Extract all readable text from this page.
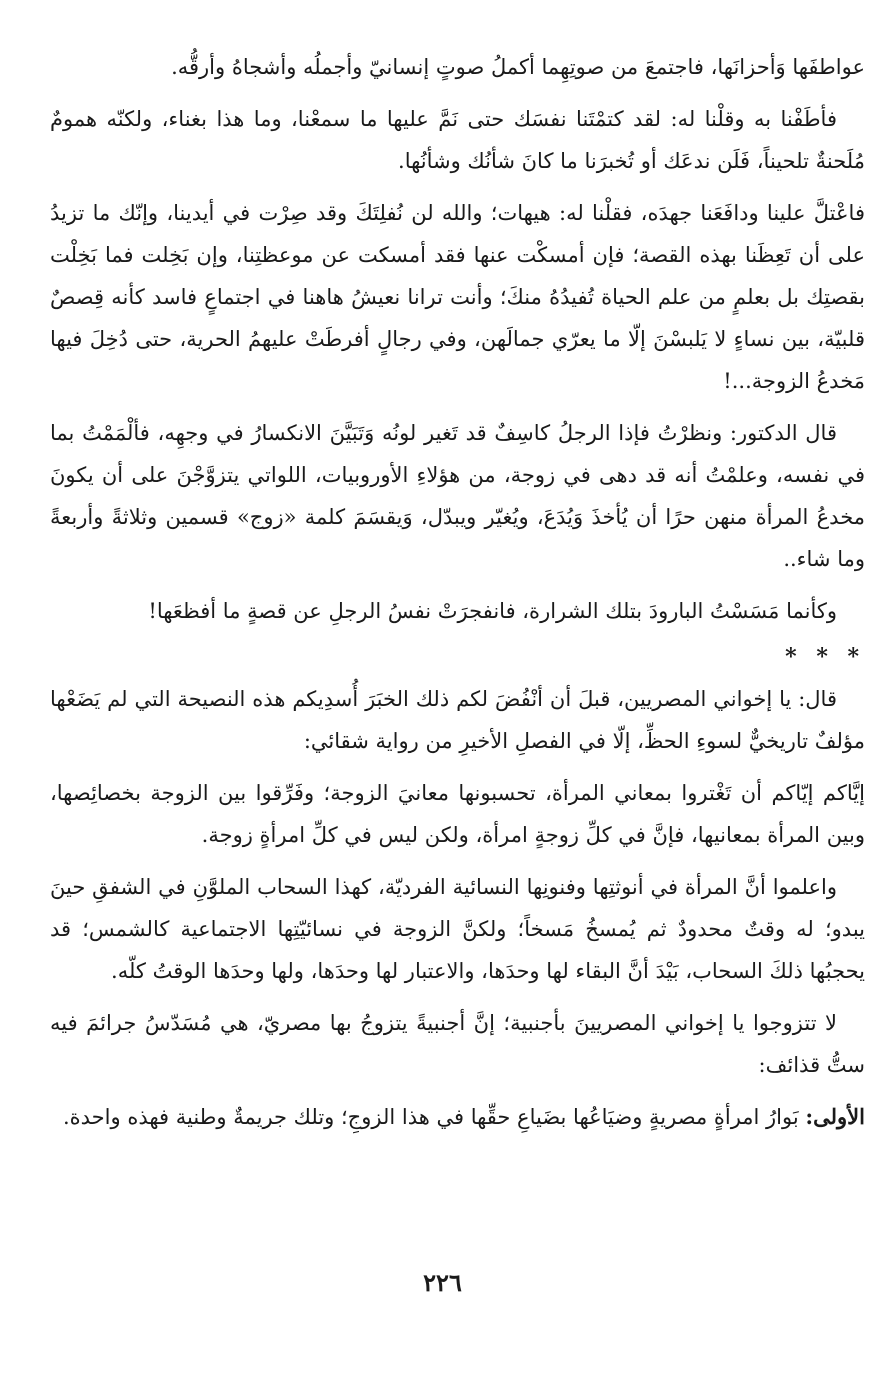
عواطفَها وَأحزانَها، فاجتمعَ من صوتِهِما أكملُ صوتٍ إنسانيّ وأجملُه وأشجاهُ وأرقُّه.

فأطَفْنا به وقلْنا له: لقد كتمْتَنا نفسَك حتى نَمَّ عليها ما سمعْنا، وما هذا بغناء، ولكنّه همومٌ مُلَحنةٌ تلحيناً، فَلَن ندعَك أو تُخبرَنا ما كانَ شأنُك وشأنُها.

فاعْتلَّ علينا ودافَعَنا جهدَه، فقلْنا له: هيهات؛ والله لن نُفلِتَكَ وقد صِرْت في أيدينا، وإنّك ما تزيدُ على أن تَعِظَنا بهذه القصة؛ فإن أمسكْت عنها فقد أمسكت عن موعظتِنا، وإن بَخِلت فما بَخِلْت بقصتِك بل بعلمٍ من علم الحياة تُفيدُهُ منكَ؛ وأنت ترانا نعيشُ هاهنا في اجتماعٍ فاسد كأنه قِصصٌ قلبيّة، بين نساءٍ لا يَلبسْنَ إلّا ما يعرّي جمالَهن، وفي رجالٍ أفرطَتْ عليهمُ الحرية، حتى دُخِلَ فيها مَخدعُ الزوجة...!

قال الدكتور: ونظرْتُ فإذا الرجلُ كاسِفٌ قد تَغير لونُه وَتَبَيَّنَ الانكسارُ في وجهِه، فألْمَمْتُ بما في نفسه، وعلمْتُ أنه قد دهى في زوجة، من هؤلاءِ الأوروبيات، اللواتي يتزوَّجْنَ على أن يكونَ مخدعُ المرأة منهن حرًا أن يُأخذَ وَيُدَعَ، ويُغيّر ويبدّل، وَيقسَمَ كلمة «زوج» قسمين وثلاثةً وأربعةً وما شاء..

وكأنما مَسَسْتُ البارودَ بتلك الشرارة، فانفجرَتْ نفسُ الرجلِ عن قصةٍ ما أفظعَها!

* * *

قال: يا إخواني المصريين، قبلَ أن أنْفُضَ لكم ذلك الخبَرَ أُسدِيكم هذه النصيحة التي لم يَضَعْها مؤلفٌ تاريخيٌّ لسوءِ الحظِّ، إلّا في الفصلِ الأخيرِ من رواية شقائي:

إيَّاكم إيّاكم أن تَغْتروا بمعاني المرأة، تحسبونها معانيَ الزوجة؛ وفَرِّقوا بين الزوجة بخصائِصها، وبين المرأة بمعانيها، فإنَّ في كلِّ زوجةٍ امرأة، ولكن ليس في كلِّ امرأةٍ زوجة.

واعلموا أنَّ المرأة في أنوثتِها وفنونِها النسائية الفرديّة، كهذا السحاب الملوَّنِ في الشفقِ حينَ يبدو؛ له وقتٌ محدودٌ ثم يُمسخُ مَسخاً؛ ولكنَّ الزوجة في نسائيّتِها الاجتماعية كالشمس؛ قد يحجبُها ذلكَ السحاب، بَيْدَ أنَّ البقاء لها وحدَها، والاعتبار لها وحدَها، ولها وحدَها الوقتُ كلّه.

لا تتزوجوا يا إخواني المصريينَ بأجنبية؛ إنَّ أجنبيةً يتزوجُ بها مصريّ، هي مُسَدّسُ جرائمَ فيه ستُّ قذائف:

الأولى: بَوارُ امرأةٍ مصريةٍ وضيَاعُها بضَياعِ حقِّها في هذا الزوجِ؛ وتلك جريمةٌ وطنية فهذه واحدة.

٢٢٦
